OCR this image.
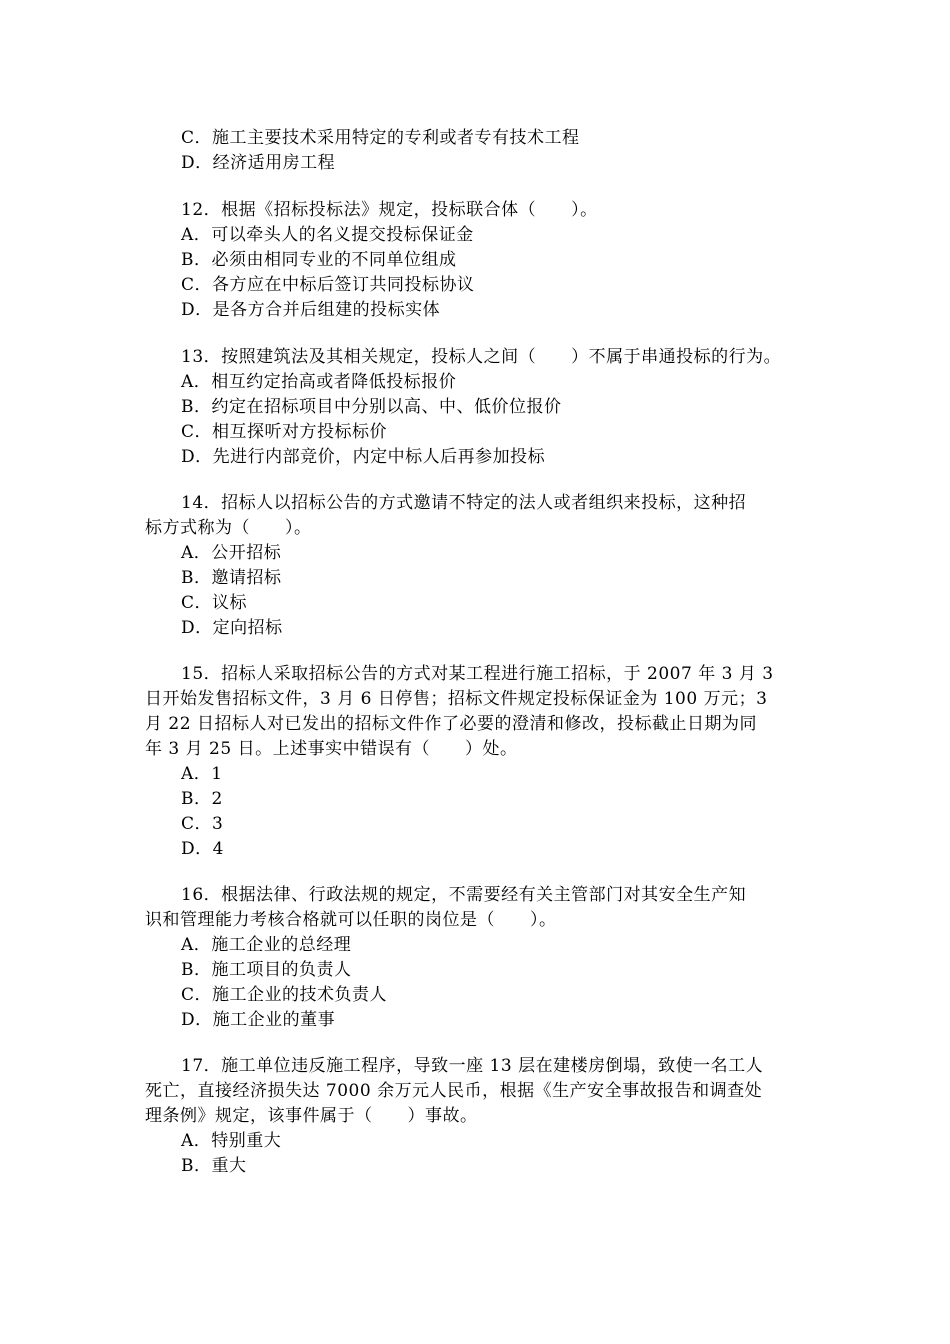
C．施工主要技术采用特定的专利或者专有技术工程
D．经济适用房工程
12．根据《招标投标法》规定，投标联合体（　　）。
A．可以牵头人的名义提交投标保证金
B．必须由相同专业的不同单位组成
C．各方应在中标后签订共同投标协议
D．是各方合并后组建的投标实体
13．按照建筑法及其相关规定，投标人之间（　　）不属于串通投标的行为。
A．相互约定抬高或者降低投标报价
B．约定在招标项目中分别以高、中、低价位报价
C．相互探听对方投标标价
D．先进行内部竞价，内定中标人后再参加投标
14．招标人以招标公告的方式邀请不特定的法人或者组织来投标，这种招
标方式称为（　　）。
A．公开招标
B．邀请招标
C．议标
D．定向招标
15．招标人采取招标公告的方式对某工程进行施工招标，于 2007 年 3 月 3
日开始发售招标文件，3 月 6 日停售；招标文件规定投标保证金为 100 万元；3
月 22 日招标人对已发出的招标文件作了必要的澄清和修改，投标截止日期为同
年 3 月 25 日。上述事实中错误有（　　）处。
A．1
B．2
C．3
D．4
16．根据法律、行政法规的规定，不需要经有关主管部门对其安全生产知
识和管理能力考核合格就可以任职的岗位是（　　）。
A．施工企业的总经理
B．施工项目的负责人
C．施工企业的技术负责人
D．施工企业的董事
17．施工单位违反施工程序，导致一座 13 层在建楼房倒塌，致使一名工人
死亡，直接经济损失达 7000 余万元人民币，根据《生产安全事故报告和调查处
理条例》规定，该事件属于（　　）事故。
A．特别重大
B．重大
